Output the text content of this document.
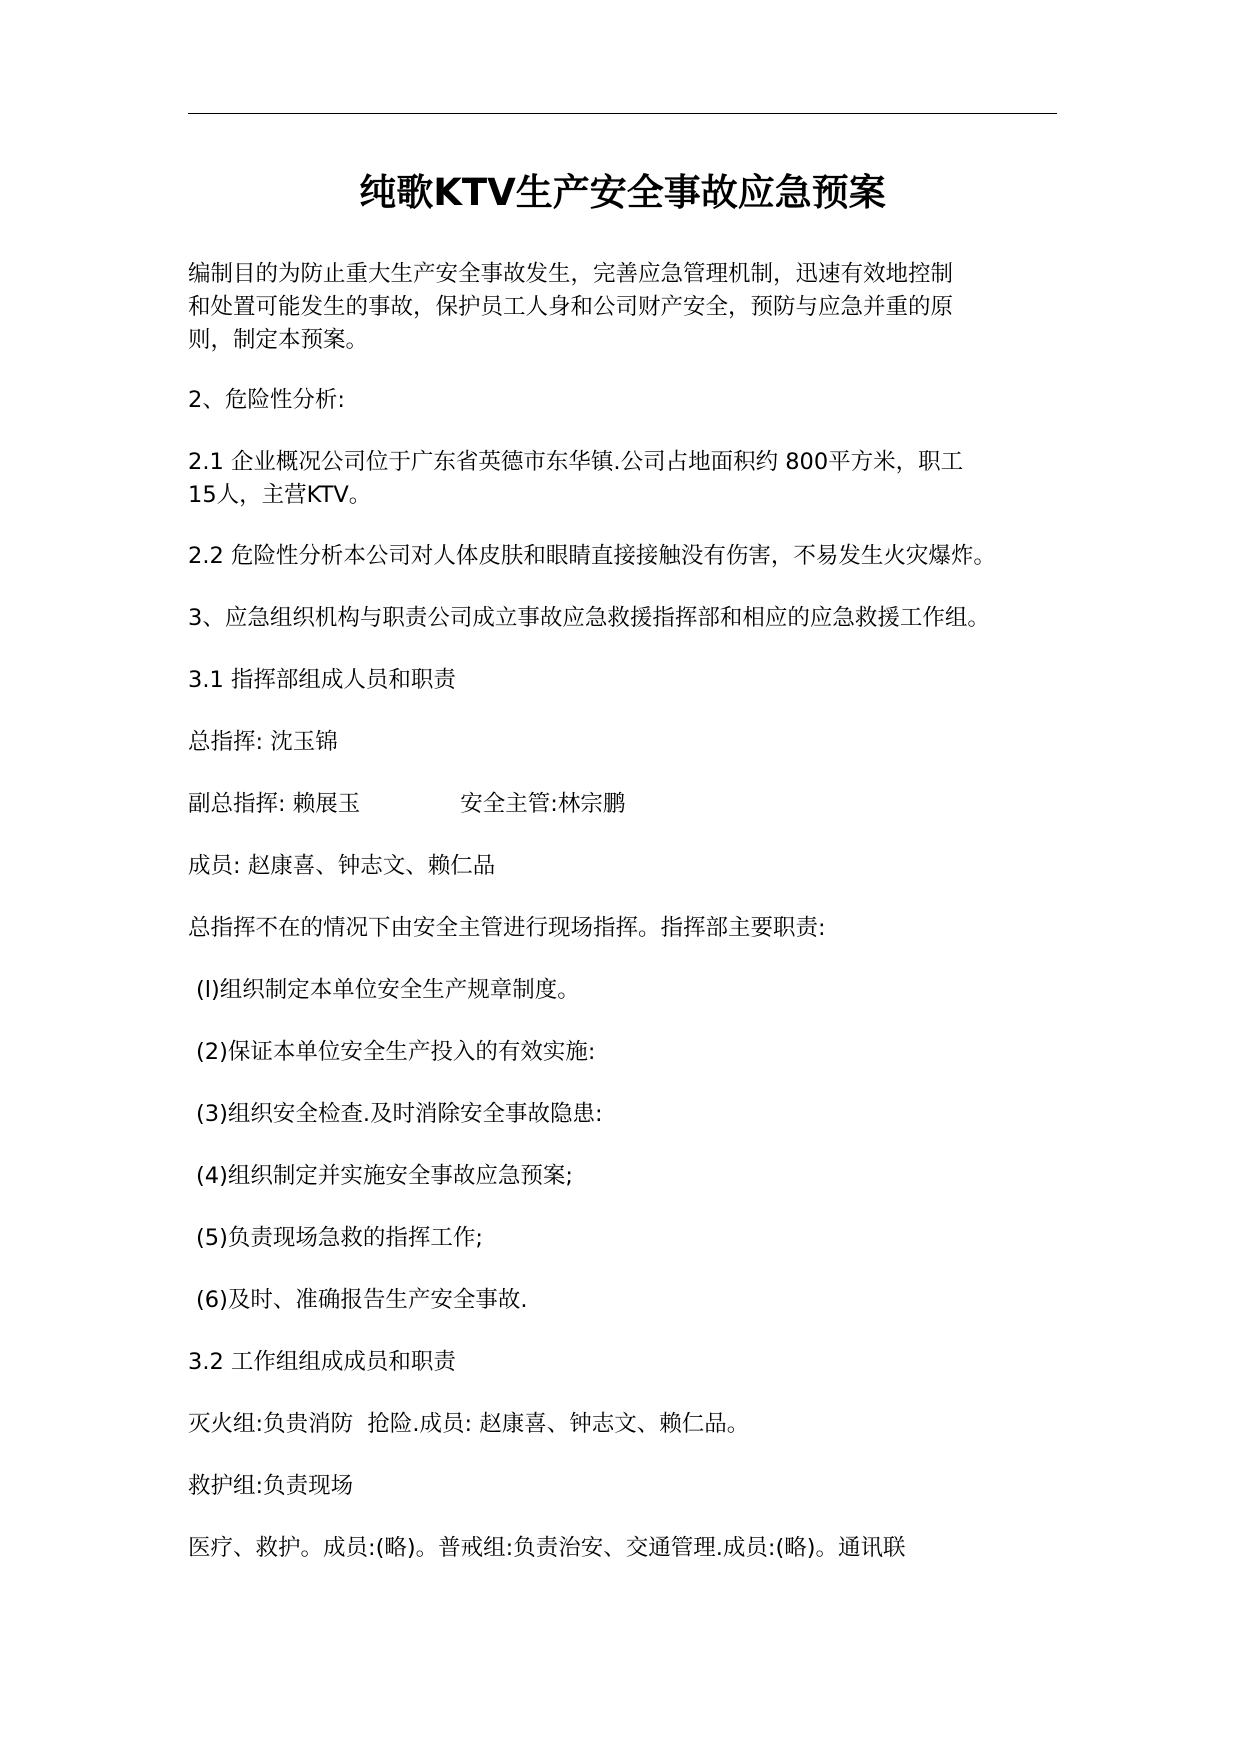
纯歌KTV生产安全事故应急预案

编制目的为防止重大生产安全事故发生，完善应急管理机制，迅速有效地控制

和处置可能发生的事故，保护员工人身和公司财产安全，预防与应急并重的原

则，制定本预案。

2、危险性分析:

2.1 企业概况公司位于广东省英德市东华镇.公司占地面积约 800平方米，职工

15人，主营KTV。

2.2 危险性分析本公司对人体皮肤和眼睛直接接触没有伤害，不易发生火灾爆炸。

3、应急组织机构与职责公司成立事故应急救援指挥部和相应的应急救援工作组。

3.1 指挥部组成人员和职责

总指挥: 沈玉锦

副总指挥: 赖展玉	安全主管:林宗鹏

成员: 赵康喜、钟志文、赖仁品

总指挥不在的情况下由安全主管进行现场指挥。指挥部主要职责:

(l)组织制定本单位安全生产规章制度。

(2)保证本单位安全生产投入的有效实施:

(3)组织安全检查.及时消除安全事故隐患:

(4)组织制定并实施安全事故应急预案;

(5)负责现场急救的指挥工作;

(6)及时、准确报告生产安全事故.

3.2 工作组组成成员和职责

灭火组:负贵消防  抢险.成员: 赵康喜、钟志文、赖仁品。

救护组:负责现场

医疗、救护。成员:(略)。普戒组:负责治安、交通管理.成员:(略)。通讯联
